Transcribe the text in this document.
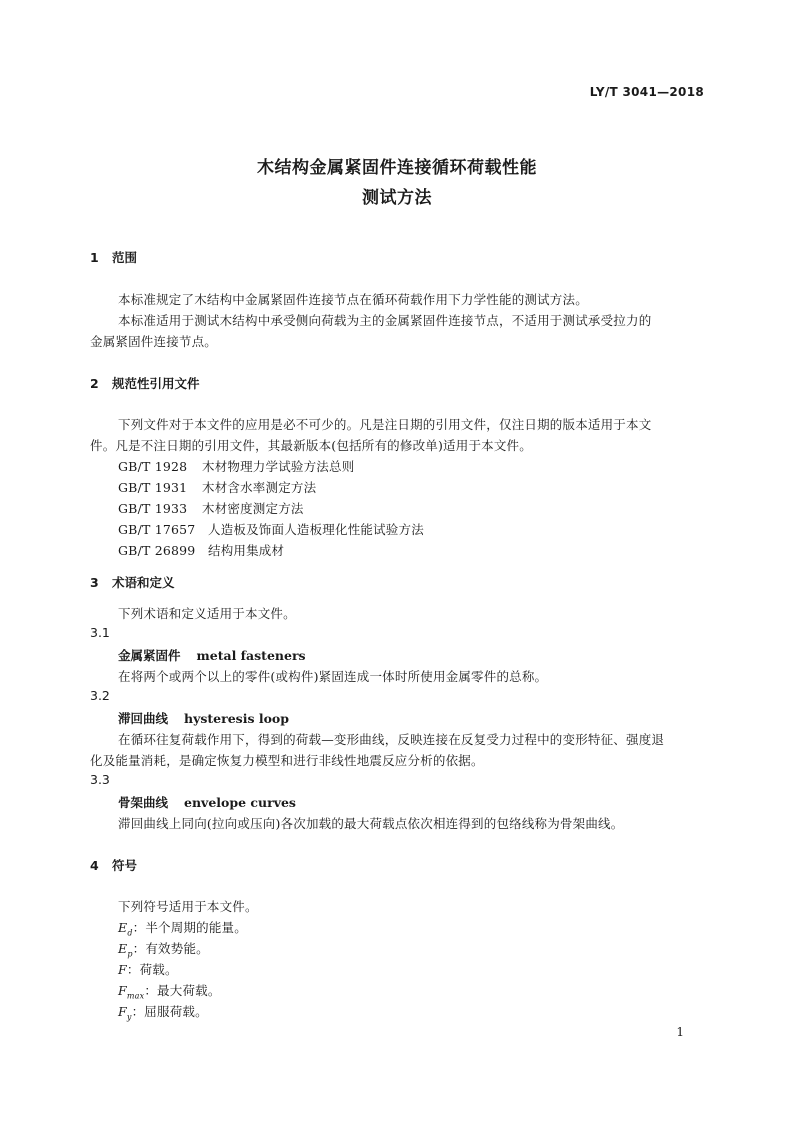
LY/T 3041—2018
木结构金属紧固件连接循环荷载性能
测试方法
1 范围
本标准规定了木结构中金属紧固件连接节点在循环荷载作用下力学性能的测试方法。
本标准适用于测试木结构中承受侧向荷载为主的金属紧固件连接节点，不适用于测试承受拉力的
金属紧固件连接节点。
2 规范性引用文件
下列文件对于本文件的应用是必不可少的。凡是注日期的引用文件，仅注日期的版本适用于本文
件。凡是不注日期的引用文件，其最新版本(包括所有的修改单)适用于本文件。
GB/T 1928 木材物理力学试验方法总则
GB/T 1931 木材含水率测定方法
GB/T 1933 木材密度测定方法
GB/T 17657 人造板及饰面人造板理化性能试验方法
GB/T 26899 结构用集成材
3 术语和定义
下列术语和定义适用于本文件。
3.1
金属紧固件 metal fasteners
在将两个或两个以上的零件(或构件)紧固连成一体时所使用金属零件的总称。
3.2
滞回曲线 hysteresis loop
在循环往复荷载作用下，得到的荷载—变形曲线，反映连接在反复受力过程中的变形特征、强度退
化及能量消耗，是确定恢复力模型和进行非线性地震反应分析的依据。
3.3
骨架曲线 envelope curves
滞回曲线上同向(拉向或压向)各次加载的最大荷载点依次相连得到的包络线称为骨架曲线。
4 符号
下列符号适用于本文件。
$E_d$：半个周期的能量。
$E_p$：有效势能。
F：荷载。
$F_{max}$：最大荷载。
$F_y$：屈服荷载。
1
